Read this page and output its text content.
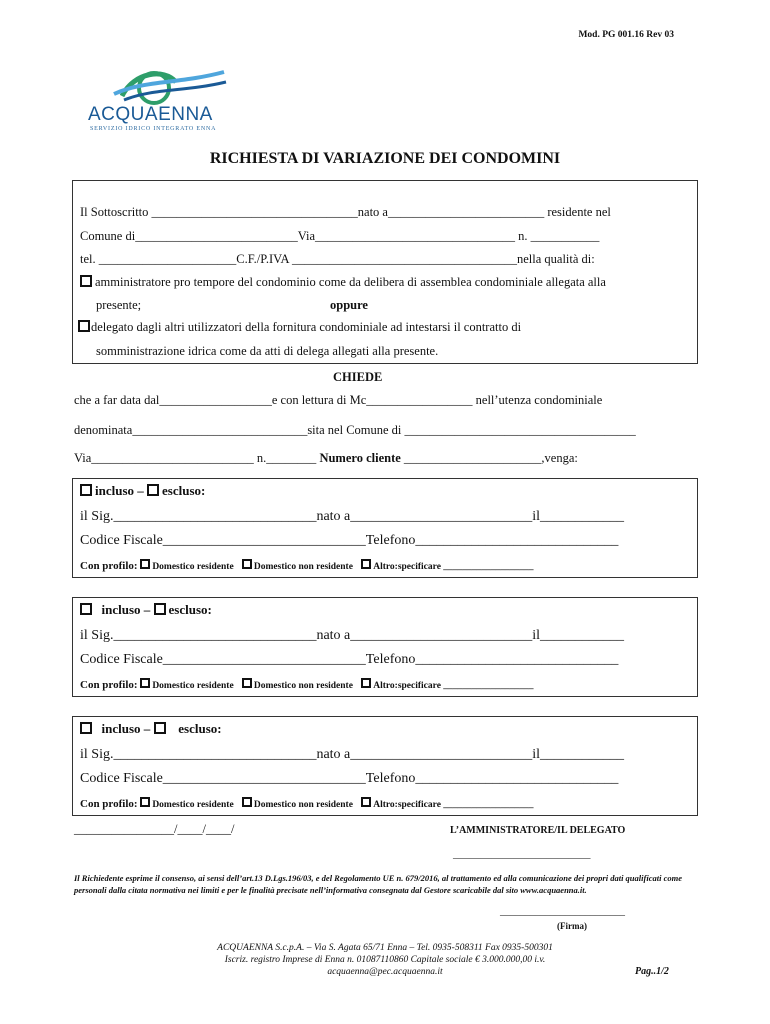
Mod. PG 001.16 Rev 03
ACQUAENNA
SERVIZIO IDRICO INTEGRATO ENNA
RICHIESTA DI VARIAZIONE DEI CONDOMINI
Il Sottoscritto _________________________________nato a_________________________ residente nel
Comune di__________________________Via________________________________ n. ___________
tel. ______________________C.F./P.IVA ____________________________________nella qualità di:
amministratore pro tempore del condominio come da delibera di assemblea condominiale allegata alla
presente;	oppure
delegato dagli altri utilizzatori della fornitura condominiale ad intestarsi il contratto di
somministrazione idrica come da atti di delega allegati alla presente.
CHIEDE
che a far data dal__________________e con lettura di Mc_________________ nell’utenza condominiale
denominata____________________________sita nel Comune di _____________________________________
Via__________________________ n.________ Numero cliente ______________________,venga:
incluso – escluso:
il Sig._____________________________nato a__________________________il____________
Codice Fiscale_____________________________Telefono_____________________________
Con profilo: Domestico residente Domestico non residente Altro:specificare ___________________
incluso – escluso:
il Sig._____________________________nato a__________________________il____________
Codice Fiscale_____________________________Telefono_____________________________
Con profilo: Domestico residente Domestico non residente Altro:specificare ___________________
incluso – escluso:
il Sig._____________________________nato a__________________________il____________
Codice Fiscale_____________________________Telefono_____________________________
Con profilo: Domestico residente Domestico non residente Altro:specificare ___________________
________________/____/____/	L’AMMINISTRATORE/IL DELEGATO
_________________________
Il Richiedente esprime il consenso, ai sensi dell’art.13 D.Lgs.196/03, e del Regolamento UE n. 679/2016, al trattamento ed alla comunicazione dei propri dati qualificati come personali dalla citata normativa nei limiti e per le finalità precisate nell’informativa consegnata dal Gestore scaricabile dal sito www.acquaenna.it.
_________________________
(Firma)
ACQUAENNA S.c.p.A. – Via S. Agata 65/71 Enna – Tel. 0935-508311 Fax 0935-500301
Iscriz. registro Imprese di Enna n. 01087110860 Capitale sociale € 3.000.000,00 i.v.
acquaenna@pec.acquaenna.it	Pag..1/2
